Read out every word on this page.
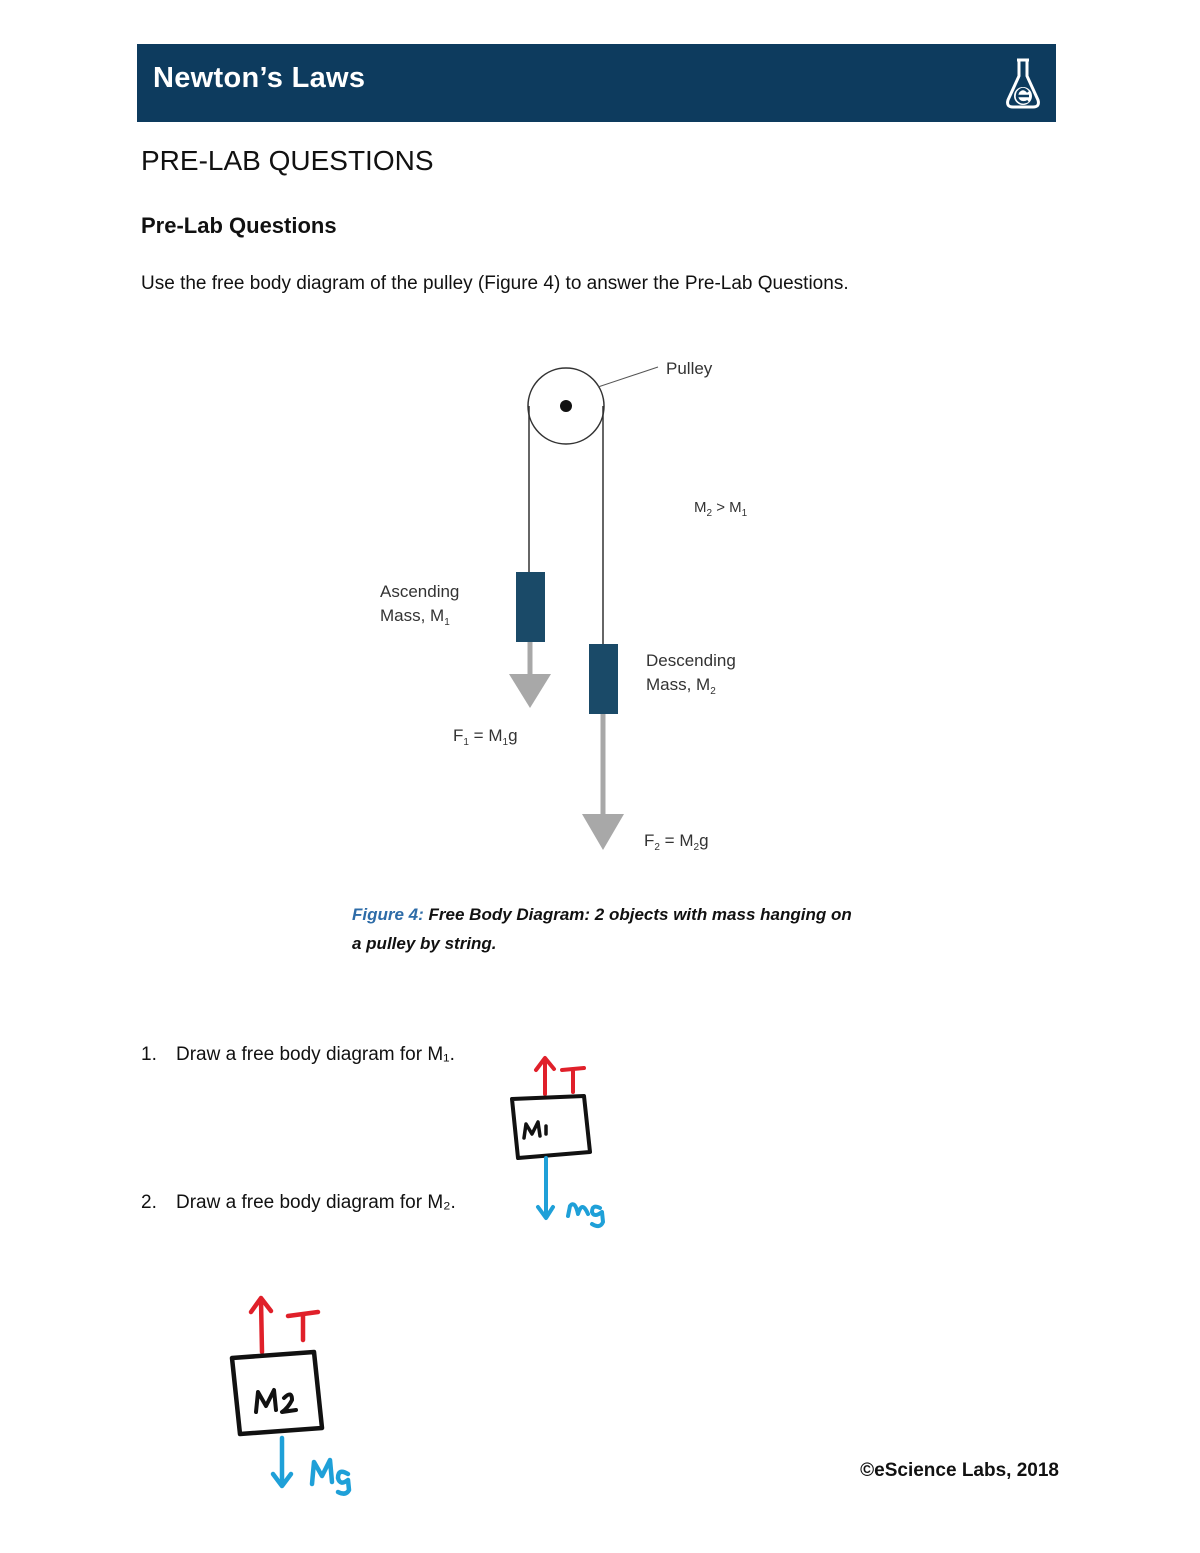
Newton’s Laws
PRE-LAB QUESTIONS
Pre-Lab Questions
Use the free body diagram of the pulley (Figure 4) to answer the Pre-Lab Questions.
Pulley
$M_2 > M_1$
Ascending
Mass, $M_1$
$F_1 = M_1g$
Descending
Mass, $M_2$
$F_2 = M_2g$
Figure 4: Free Body Diagram: 2 objects with mass hanging on a pulley by string.
1. Draw a free body diagram for M₁.
2. Draw a free body diagram for M₂.
©eScience Labs, 2018
